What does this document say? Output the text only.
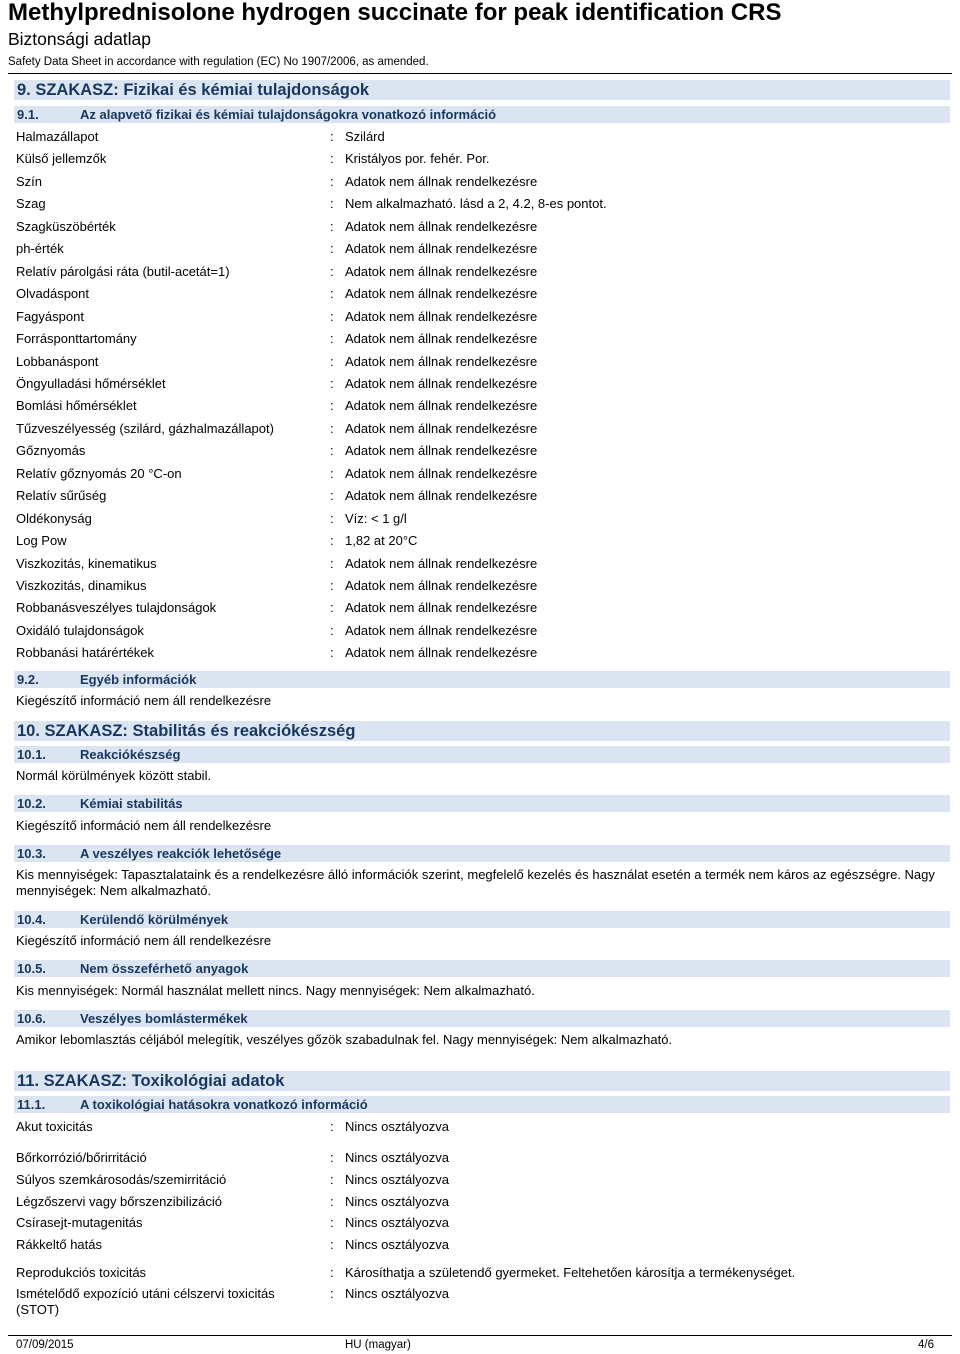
Methylprednisolone hydrogen succinate for peak identification CRS
Biztonsági adatlap
Safety Data Sheet in accordance with regulation (EC) No 1907/2006, as amended.
9. SZAKASZ: Fizikai és kémiai tulajdonságok
9.1.	Az alapvető fizikai és kémiai tulajdonságokra vonatkozó információ
Halmazállapot	: Szilárd
Külső jellemzők	: Kristályos por. fehér. Por.
Szín	: Adatok nem állnak rendelkezésre
Szag	: Nem alkalmazható. lásd a 2, 4.2, 8-es pontot.
Szagküszöbérték	: Adatok nem állnak rendelkezésre
ph-érték	: Adatok nem állnak rendelkezésre
Relatív párolgási ráta (butil-acetát=1)	: Adatok nem állnak rendelkezésre
Olvadáspont	: Adatok nem állnak rendelkezésre
Fagyáspont	: Adatok nem állnak rendelkezésre
Forrásponttartomány	: Adatok nem állnak rendelkezésre
Lobbanáspont	: Adatok nem állnak rendelkezésre
Öngyulladási hőmérséklet	: Adatok nem állnak rendelkezésre
Bomlási hőmérséklet	: Adatok nem állnak rendelkezésre
Tűzveszélyesség (szilárd, gázhalmazállapot)	: Adatok nem állnak rendelkezésre
Gőznyomás	: Adatok nem állnak rendelkezésre
Relatív gőznyomás 20 °C-on	: Adatok nem állnak rendelkezésre
Relatív sűrűség	: Adatok nem állnak rendelkezésre
Oldékonyság	: Víz: < 1 g/l
Log Pow	: 1,82 at 20°C
Viszkozitás, kinematikus	: Adatok nem állnak rendelkezésre
Viszkozitás, dinamikus	: Adatok nem állnak rendelkezésre
Robbanásveszélyes tulajdonságok	: Adatok nem állnak rendelkezésre
Oxidáló tulajdonságok	: Adatok nem állnak rendelkezésre
Robbanási határértékek	: Adatok nem állnak rendelkezésre
9.2.	Egyéb információk
Kiegészítő információ nem áll rendelkezésre
10. SZAKASZ: Stabilitás és reakciókészség
10.1.	Reakciókészség
Normál körülmények között stabil.
10.2.	Kémiai stabilitás
Kiegészítő információ nem áll rendelkezésre
10.3.	A veszélyes reakciók lehetősége
Kis mennyiségek: Tapasztalataink és a rendelkezésre álló információk szerint, megfelelő kezelés és használat esetén a termék nem káros az egészségre. Nagy mennyiségek: Nem alkalmazható.
10.4.	Kerülendő körülmények
Kiegészítő információ nem áll rendelkezésre
10.5.	Nem összeférhető anyagok
Kis mennyiségek: Normál használat mellett nincs. Nagy mennyiségek: Nem alkalmazható.
10.6.	Veszélyes bomlástermékek
Amikor lebomlasztás céljából melegítik, veszélyes gőzök szabadulnak fel. Nagy mennyiségek: Nem alkalmazható.
11. SZAKASZ: Toxikológiai adatok
11.1.	A toxikológiai hatásokra vonatkozó információ
Akut toxicitás	: Nincs osztályozva
Bőrkorrózió/bőrirritáció	: Nincs osztályozva
Súlyos szemkárosodás/szemirritáció	: Nincs osztályozva
Légzőszervi vagy bőrszenzibilizáció	: Nincs osztályozva
Csírasejt-mutagenitás	: Nincs osztályozva
Rákkeltő hatás	: Nincs osztályozva
Reprodukciós toxicitás	: Károsíthatja a születendő gyermeket. Feltehetően károsítja a termékenységet.
Ismételődő expozíció utáni célszervi toxicitás (STOT)
: Nincs osztályozva
07/09/2015	HU (magyar)	4/6
